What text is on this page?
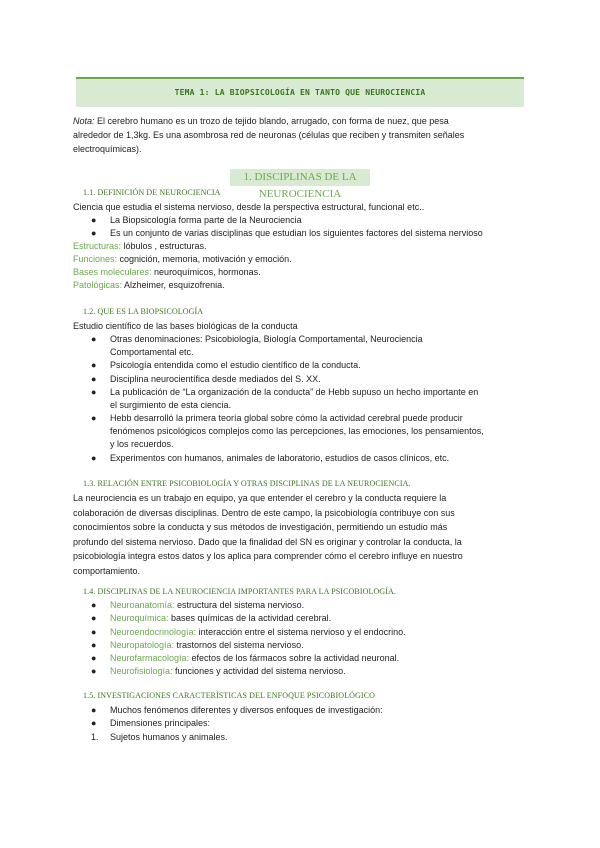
TEMA 1: LA BIOPSICOLOGÍA EN TANTO QUE NEUROCIENCIA
Nota: El cerebro humano es un trozo de tejido blando, arrugado, con forma de nuez, que pesa
alrededor de 1,3kg. Es una asombrosa red de neuronas (células que reciben y transmiten señales
electroquímicas).
1. DISCIPLINAS DE LA NEUROCIENCIA
1.1. DEFINICIÓN DE NEUROCIENCIA
Ciencia que estudia el sistema nervioso, desde la perspectiva estructural, funcional etc..
● La Biopsicología forma parte de la Neurociencia
● Es un conjunto de varias disciplinas que estudian los siguientes factores del sistema nervioso
Estructuras: lóbulos , estructuras.
Funciones: cognición, memoria, motivación y emoción.
Bases moleculares: neuroquímicos, hormonas.
Patológicas: Alzheimer, esquizofrenia.
1.2. QUE ES LA BIOPSICOLOGÍA
Estudio científico de las bases biológicas de la conducta
● Otras denominaciones: Psicobiología, Biología Comportamental, Neurociencia
Comportamental etc.
● Psicología entendida como el estudio científico de la conducta.
● Disciplina neurocientífica desde mediados del S. XX.
● La publicación de “La organización de la conducta” de Hebb supuso un hecho importante en
el surgimiento de esta ciencia.
● Hebb desarrolló la primera teoría global sobre cómo la actividad cerebral puede producir
fenómenos psicológicos complejos como las percepciones, las emociones, los pensamientos,
y los recuerdos.
● Experimentos con humanos, animales de laboratorio, estudios de casos clínicos, etc.
1.3. RELACIÓN ENTRE PSICOBIOLOGÍA Y OTRAS DISCIPLINAS DE LA NEUROCIENCIA.
La neurociencia es un trabajo en equipo, ya que entender el cerebro y la conducta requiere la
colaboración de diversas disciplinas. Dentro de este campo, la psicobiología contribuye con sus
conocimientos sobre la conducta y sus métodos de investigación, permitiendo un estudio más
profundo del sistema nervioso. Dado que la finalidad del SN es originar y controlar la conducta, la
psicobiología integra estos datos y los aplica para comprender cómo el cerebro influye en nuestro
comportamiento.
1.4. DISCIPLINAS DE LA NEUROCIENCIA IMPORTANTES PARA LA PSICOBIOLOGÍA.
● Neuroanatomía: estructura del sistema nervioso.
● Neuroquímica: bases químicas de la actividad cerebral.
● Neuroendocrinología: interacción entre el sistema nervioso y el endocrino.
● Neuropatología: trastornos del sistema nervioso.
● Neurofarmacología: efectos de los fármacos sobre la actividad neuronal.
● Neurofisiología: funciones y actividad del sistema nervioso.
1.5. INVESTIGACIONES CARACTERÍSTICAS DEL ENFOQUE PSICOBIOLÓGICO
● Muchos fenómenos diferentes y diversos enfoques de investigación:
● Dimensiones principales:
1. Sujetos humanos y animales.
